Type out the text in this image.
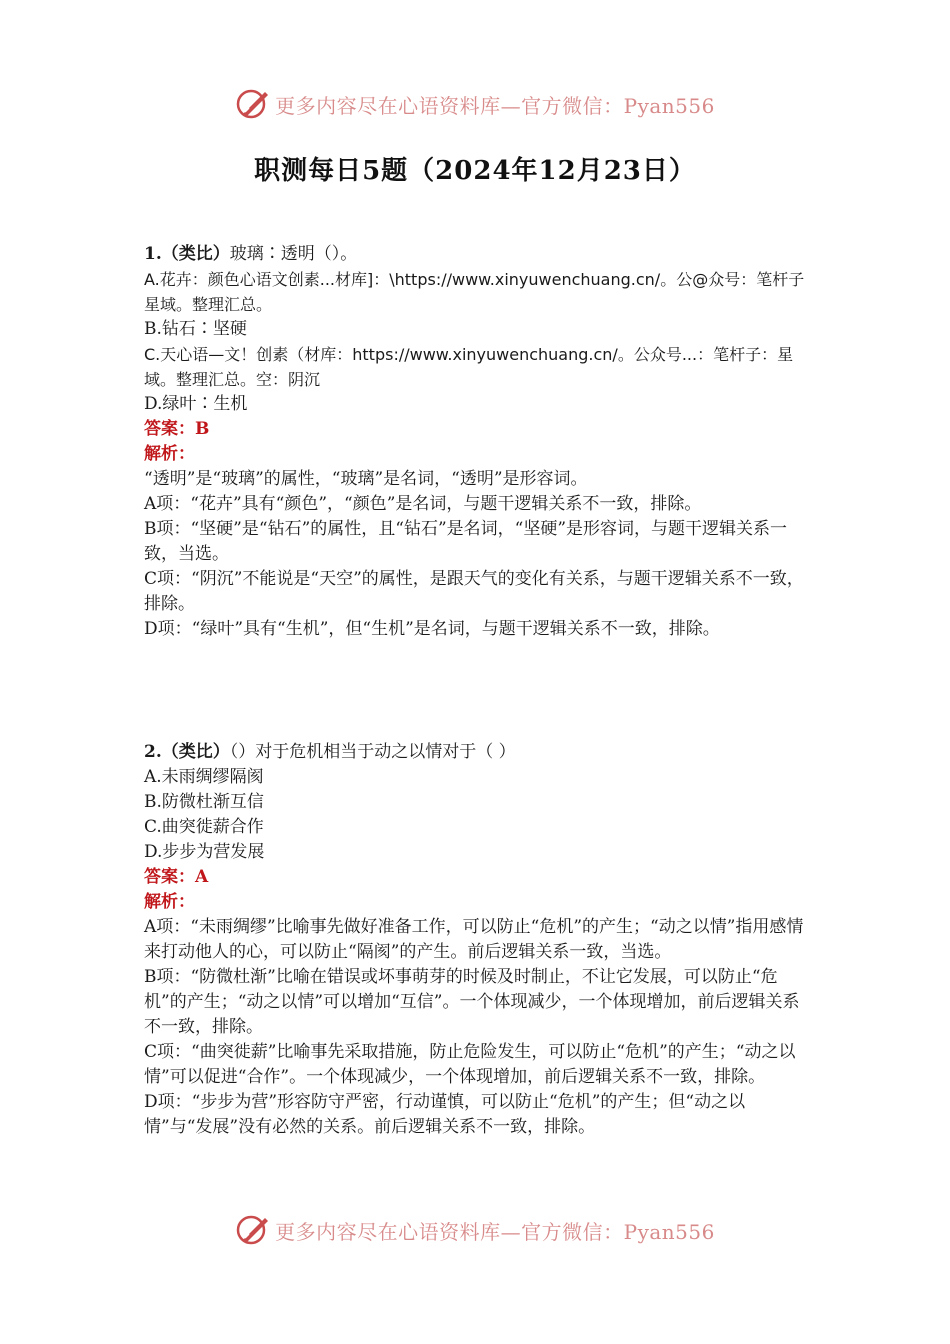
更多内容尽在心语资料库—官方微信：Pyan556
职测每日5题（2024年12月23日）

1.（类比）玻璃∶透明（）。

A.花卉：颜色心语文创素...材库]：\https://www.xinyuwenchuang.cn/。公@众号：笔杆子星域。整理汇总。

B.钻石∶坚硬

C.天心语—文！创素（材库：https://www.xinyuwenchuang.cn/。公众号...：笔杆子：星域。整理汇总。空：阴沉

D.绿叶∶生机

答案：B

解析：

“透明”是“玻璃”的属性，“玻璃”是名词，“透明”是形容词。

A项：“花卉”具有“颜色”，“颜色”是名词，与题干逻辑关系不一致，排除。

B项：“坚硬”是“钻石”的属性，且“钻石”是名词，“坚硬”是形容词，与题干逻辑关系一致，当选。

C项：“阴沉”不能说是“天空”的属性，是跟天气的变化有关系，与题干逻辑关系不一致，排除。

D项：“绿叶”具有“生机”，但“生机”是名词，与题干逻辑关系不一致，排除。

2.（类比）（）对于危机相当于动之以情对于（ ）

A.未雨绸缪隔阂

B.防微杜渐互信

C.曲突徙薪合作

D.步步为营发展

答案：A

解析：

A项：“未雨绸缪”比喻事先做好准备工作，可以防止“危机”的产生；“动之以情”指用感情来打动他人的心，可以防止“隔阂”的产生。前后逻辑关系一致，当选。

B项：“防微杜渐”比喻在错误或坏事萌芽的时候及时制止，不让它发展，可以防止“危机”的产生；“动之以情”可以增加“互信”。一个体现减少，一个体现增加，前后逻辑关系不一致，排除。

C项：“曲突徙薪”比喻事先采取措施，防止危险发生，可以防止“危机”的产生；“动之以情”可以促进“合作”。一个体现减少，一个体现增加，前后逻辑关系不一致，排除。

D项：“步步为营”形容防守严密，行动谨慎，可以防止“危机”的产生；但“动之以情”与“发展”没有必然的关系。前后逻辑关系不一致，排除。

更多内容尽在心语资料库—官方微信：Pyan556
